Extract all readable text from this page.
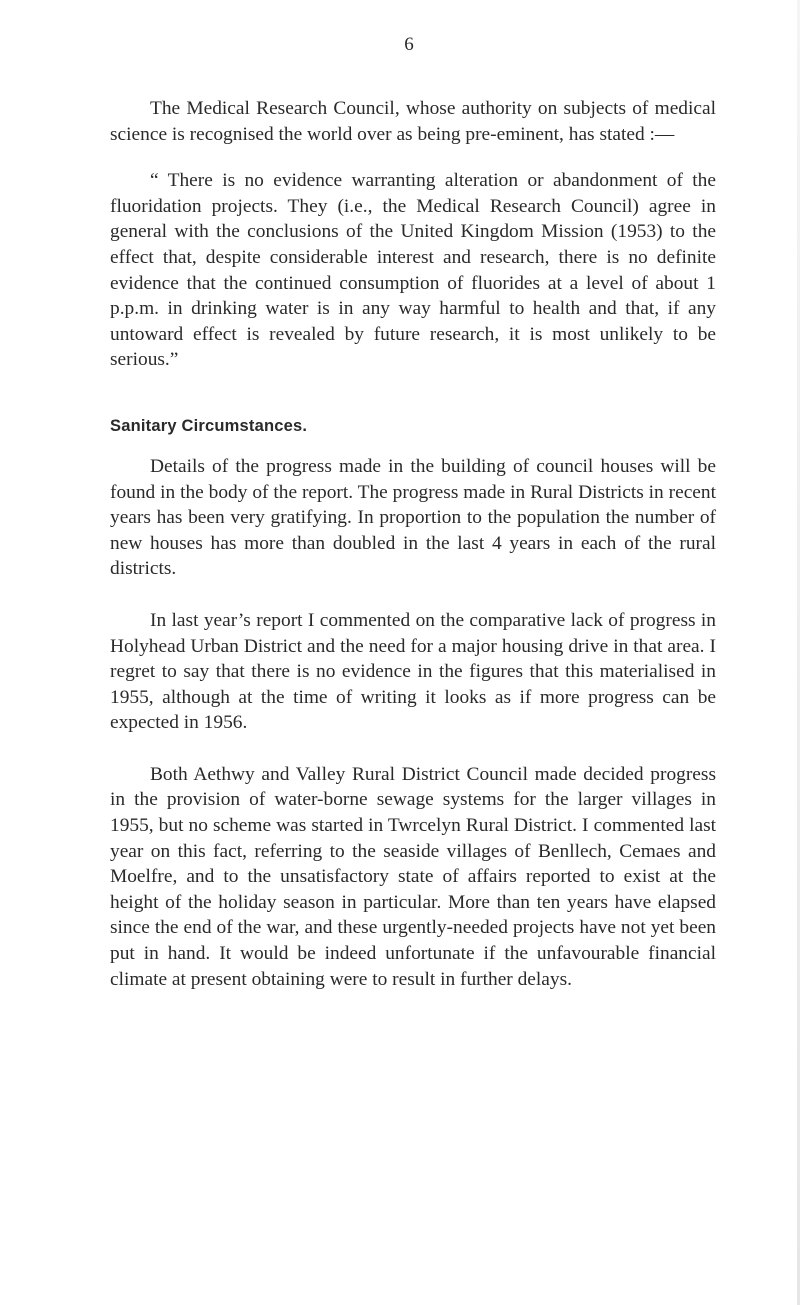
6

The Medical Research Council, whose authority on subjects of medical science is recognised the world over as being pre-eminent, has stated :—

“ There is no evidence warranting alteration or abandonment of the fluoridation projects. They (i.e., the Medical Research Council) agree in general with the conclusions of the United Kingdom Mission (1953) to the effect that, despite considerable interest and research, there is no definite evidence that the continued consumption of fluorides at a level of about 1 p.p.m. in drinking water is in any way harmful to health and that, if any untoward effect is revealed by future research, it is most unlikely to be serious.”

Sanitary Circumstances.

Details of the progress made in the building of council houses will be found in the body of the report. The progress made in Rural Districts in recent years has been very gratifying. In proportion to the population the number of new houses has more than doubled in the last 4 years in each of the rural districts.

In last year’s report I commented on the comparative lack of progress in Holyhead Urban District and the need for a major housing drive in that area. I regret to say that there is no evidence in the figures that this materialised in 1955, although at the time of writing it looks as if more progress can be expected in 1956.

Both Aethwy and Valley Rural District Council made decided progress in the provision of water-borne sewage systems for the larger villages in 1955, but no scheme was started in Twrcelyn Rural District. I commented last year on this fact, referring to the seaside villages of Benllech, Cemaes and Moelfre, and to the unsatisfactory state of affairs reported to exist at the height of the holiday season in particular. More than ten years have elapsed since the end of the war, and these urgently-needed projects have not yet been put in hand. It would be indeed unfortunate if the unfavourable financial climate at present obtaining were to result in further delays.
